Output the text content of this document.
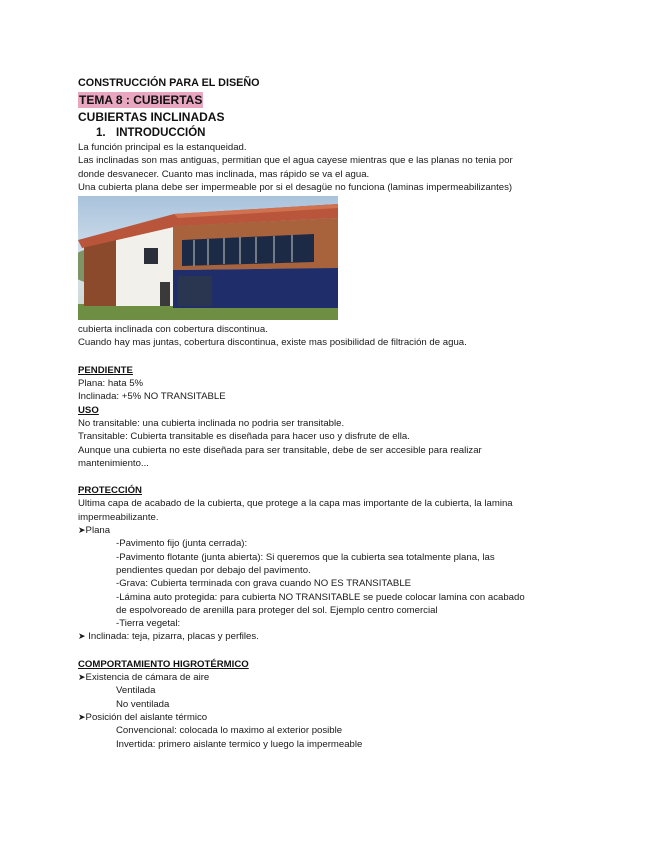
CONSTRUCCIÓN PARA EL DISEÑO
TEMA 8 : CUBIERTAS
CUBIERTAS INCLINADAS
1. INTRODUCCIÓN
La función principal es la estanqueidad.
Las inclinadas son mas antiguas, permitian que el agua cayese mientras que e las planas no tenia por
donde desvanecer. Cuanto mas inclinada, mas rápido se va el agua.
Una cubierta plana debe ser impermeable por si el desagüe no funciona (laminas impermeabilizantes)
cubierta inclinada con cobertura discontinua.
Cuando hay mas juntas, cobertura discontinua, existe mas posibilidad de filtración de agua.
PENDIENTE
Plana: hata 5%
Inclinada: +5% NO TRANSITABLE
USO
No transitable: una cubierta inclinada no podria ser transitable.
Transitable: Cubierta transitable es diseñada para hacer uso y disfrute de ella.
Aunque una cubierta no este diseñada para ser transitable, debe de ser accesible para realizar
mantenimiento...
PROTECCIÓN
Ultima capa de acabado de la cubierta, que protege a la capa mas importante de la cubierta, la lamina
impermeabilizante.
➤Plana
-Pavimento fijo (junta cerrada):
-Pavimento flotante (junta abierta): Si queremos que la cubierta sea totalmente plana, las
pendientes quedan por debajo del pavimento.
-Grava: Cubierta terminada con grava cuando NO ES TRANSITABLE
-Lámina auto protegida: para cubierta NO TRANSITABLE se puede colocar lamina con acabado
de espolvoreado de arenilla para proteger del sol. Ejemplo centro comercial
-Tierra vegetal:
➤ Inclinada: teja, pizarra, placas y perfiles.
COMPORTAMIENTO HIGROTÉRMICO
➤Existencia de cámara de aire
Ventilada
No ventilada
➤Posición del aislante térmico
Convencional: colocada lo maximo al exterior posible
Invertida: primero aislante termico y luego la impermeable
